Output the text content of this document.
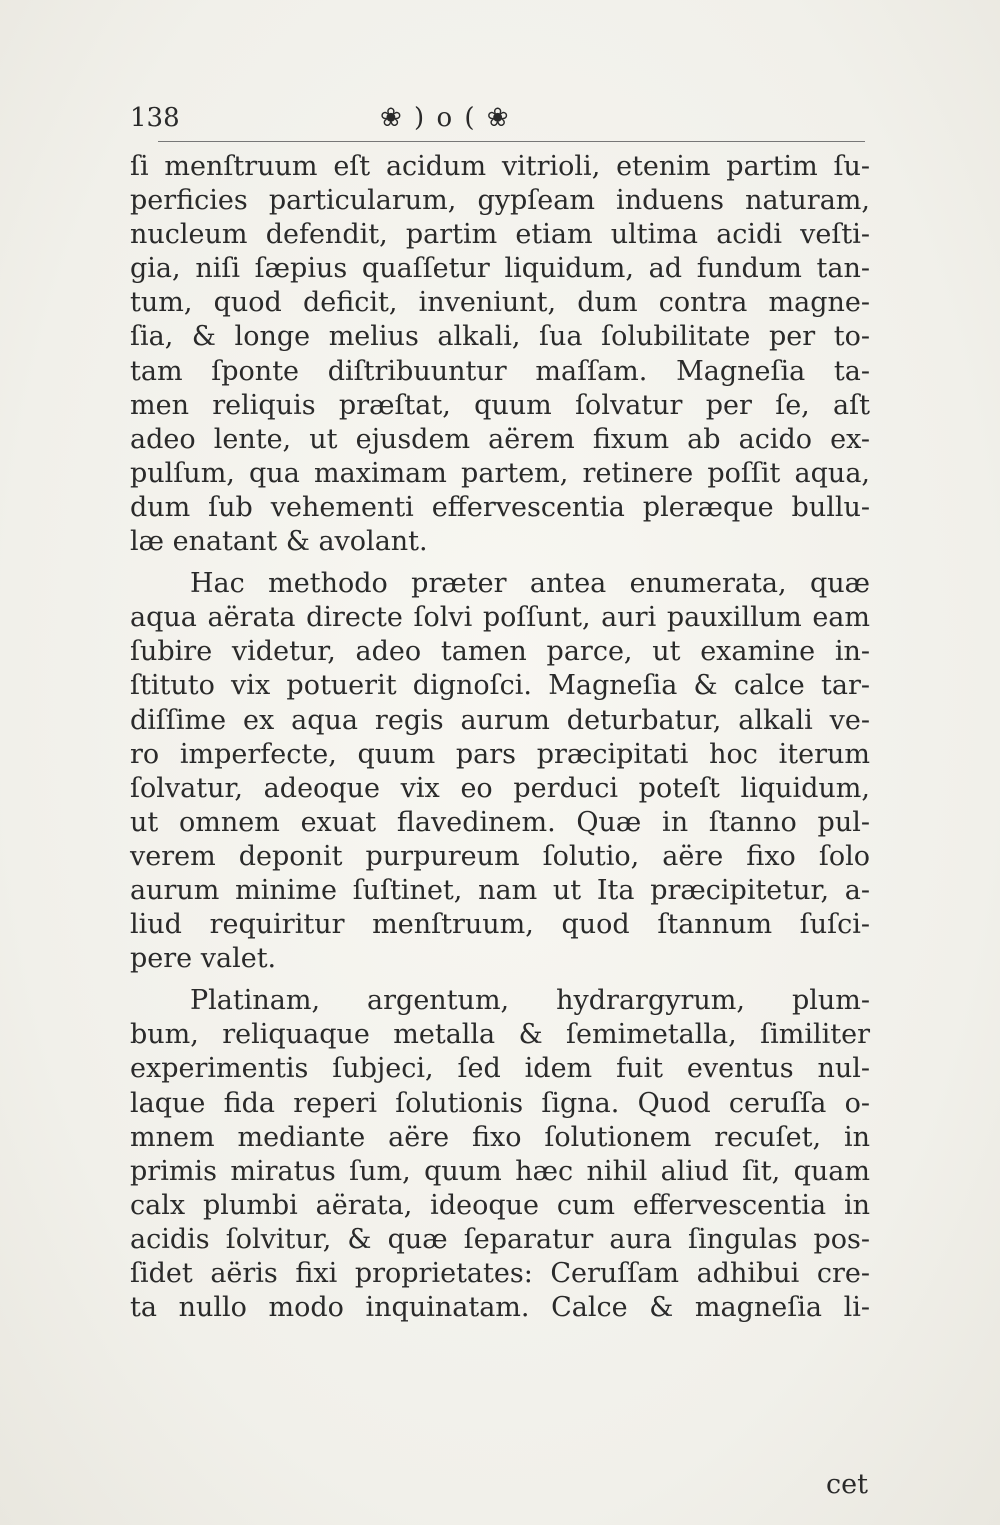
138	❀ ) ο ( ❀
ſi menſtruum eſt acidum vitrioli, etenim partim ſu-
perficies particularum, gypſeam induens naturam,
nucleum defendit, partim etiam ultima acidi veſti-
gia, niſi ſæpius quaſſetur liquidum, ad fundum tan-
tum, quod deficit, inveniunt, dum contra magne-
ſia, & longe melius alkali, ſua ſolubilitate per to-
tam ſponte diſtribuuntur maſſam. Magneſia ta-
men reliquis præſtat, quum ſolvatur per ſe, aſt
adeo lente, ut ejusdem aërem fixum ab acido ex-
pulſum, qua maximam partem, retinere poſſit aqua,
dum ſub vehementi effervescentia pleræque bullu-
læ enatant & avolant.
Hac methodo præter antea enumerata, quæ
aqua aërata directe ſolvi poſſunt, auri pauxillum eam
ſubire videtur, adeo tamen parce, ut examine in-
ſtituto vix potuerit dignoſci. Magneſia & calce tar-
diſſime ex aqua regis aurum deturbatur, alkali ve-
ro imperfecte, quum pars præcipitati hoc iterum
ſolvatur, adeoque vix eo perduci poteſt liquidum,
ut omnem exuat flavedinem. Quæ in ſtanno pul-
verem deponit purpureum ſolutio, aëre fixo ſolo
aurum minime ſuſtinet, nam ut Ita præcipitetur, a-
liud requiritur menſtruum, quod ſtannum ſuſci-
pere valet.
Platinam, argentum, hydrargyrum, plum-
bum, reliquaque metalla & ſemimetalla, ſimiliter
experimentis ſubjeci, ſed idem fuit eventus nul-
laque fida reperi ſolutionis ſigna. Quod ceruſſa o-
mnem mediante aëre fixo ſolutionem recuſet, in
primis miratus ſum, quum hæc nihil aliud ſit, quam
calx plumbi aërata, ideoque cum effervescentia in
acidis ſolvitur, & quæ ſeparatur aura ſingulas pos-
ſidet aëris fixi proprietates: Ceruſſam adhibui cre-
ta nullo modo inquinatam. Calce & magneſia li-
cet
